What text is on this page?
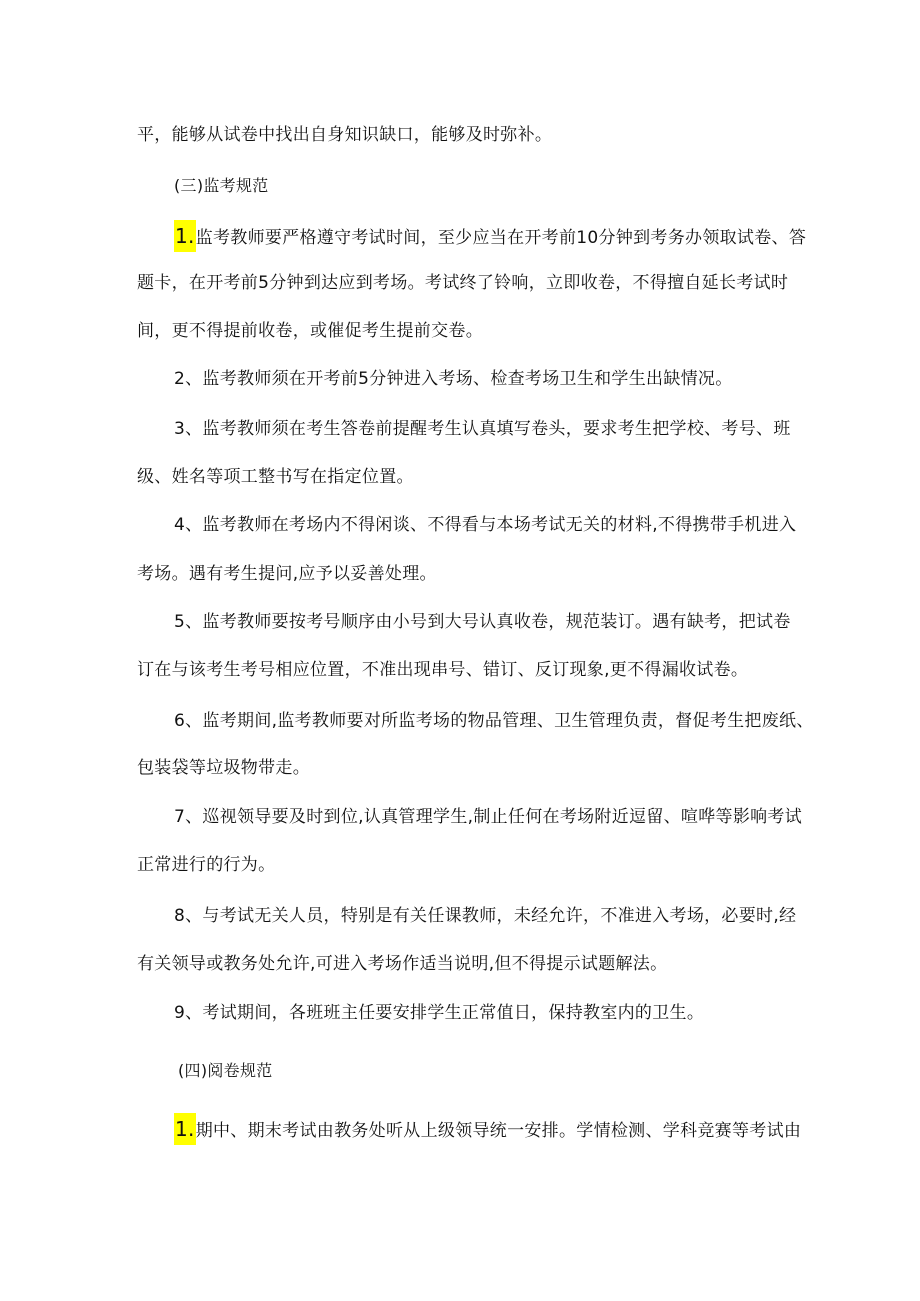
平，能够从试卷中找出自身知识缺口，能够及时弥补。
(三)监考规范
1.监考教师要严格遵守考试时间，至少应当在开考前10分钟到考务办领取试卷、答
题卡，在开考前5分钟到达应到考场。考试终了铃响，立即收卷，不得擅自延长考试时
间，更不得提前收卷，或催促考生提前交卷。
2、监考教师须在开考前5分钟进入考场、检查考场卫生和学生出缺情况。
3、监考教师须在考生答卷前提醒考生认真填写卷头，要求考生把学校、考号、班
级、姓名等项工整书写在指定位置。
4、监考教师在考场内不得闲谈、不得看与本场考试无关的材料,不得携带手机进入
考场。遇有考生提问,应予以妥善处理。
5、监考教师要按考号顺序由小号到大号认真收卷，规范装订。遇有缺考，把试卷
订在与该考生考号相应位置，不准出现串号、错订、反订现象,更不得漏收试卷。
6、监考期间,监考教师要对所监考场的物品管理、卫生管理负责，督促考生把废纸、
包装袋等垃圾物带走。
7、巡视领导要及时到位,认真管理学生,制止任何在考场附近逗留、喧哗等影响考试
正常进行的行为。
8、与考试无关人员，特别是有关任课教师，未经允许，不准进入考场，必要时,经
有关领导或教务处允许,可进入考场作适当说明,但不得提示试题解法。
9、考试期间，各班班主任要安排学生正常值日，保持教室内的卫生。
(四)阅卷规范
1.期中、期末考试由教务处听从上级领导统一安排。学情检测、学科竞赛等考试由
